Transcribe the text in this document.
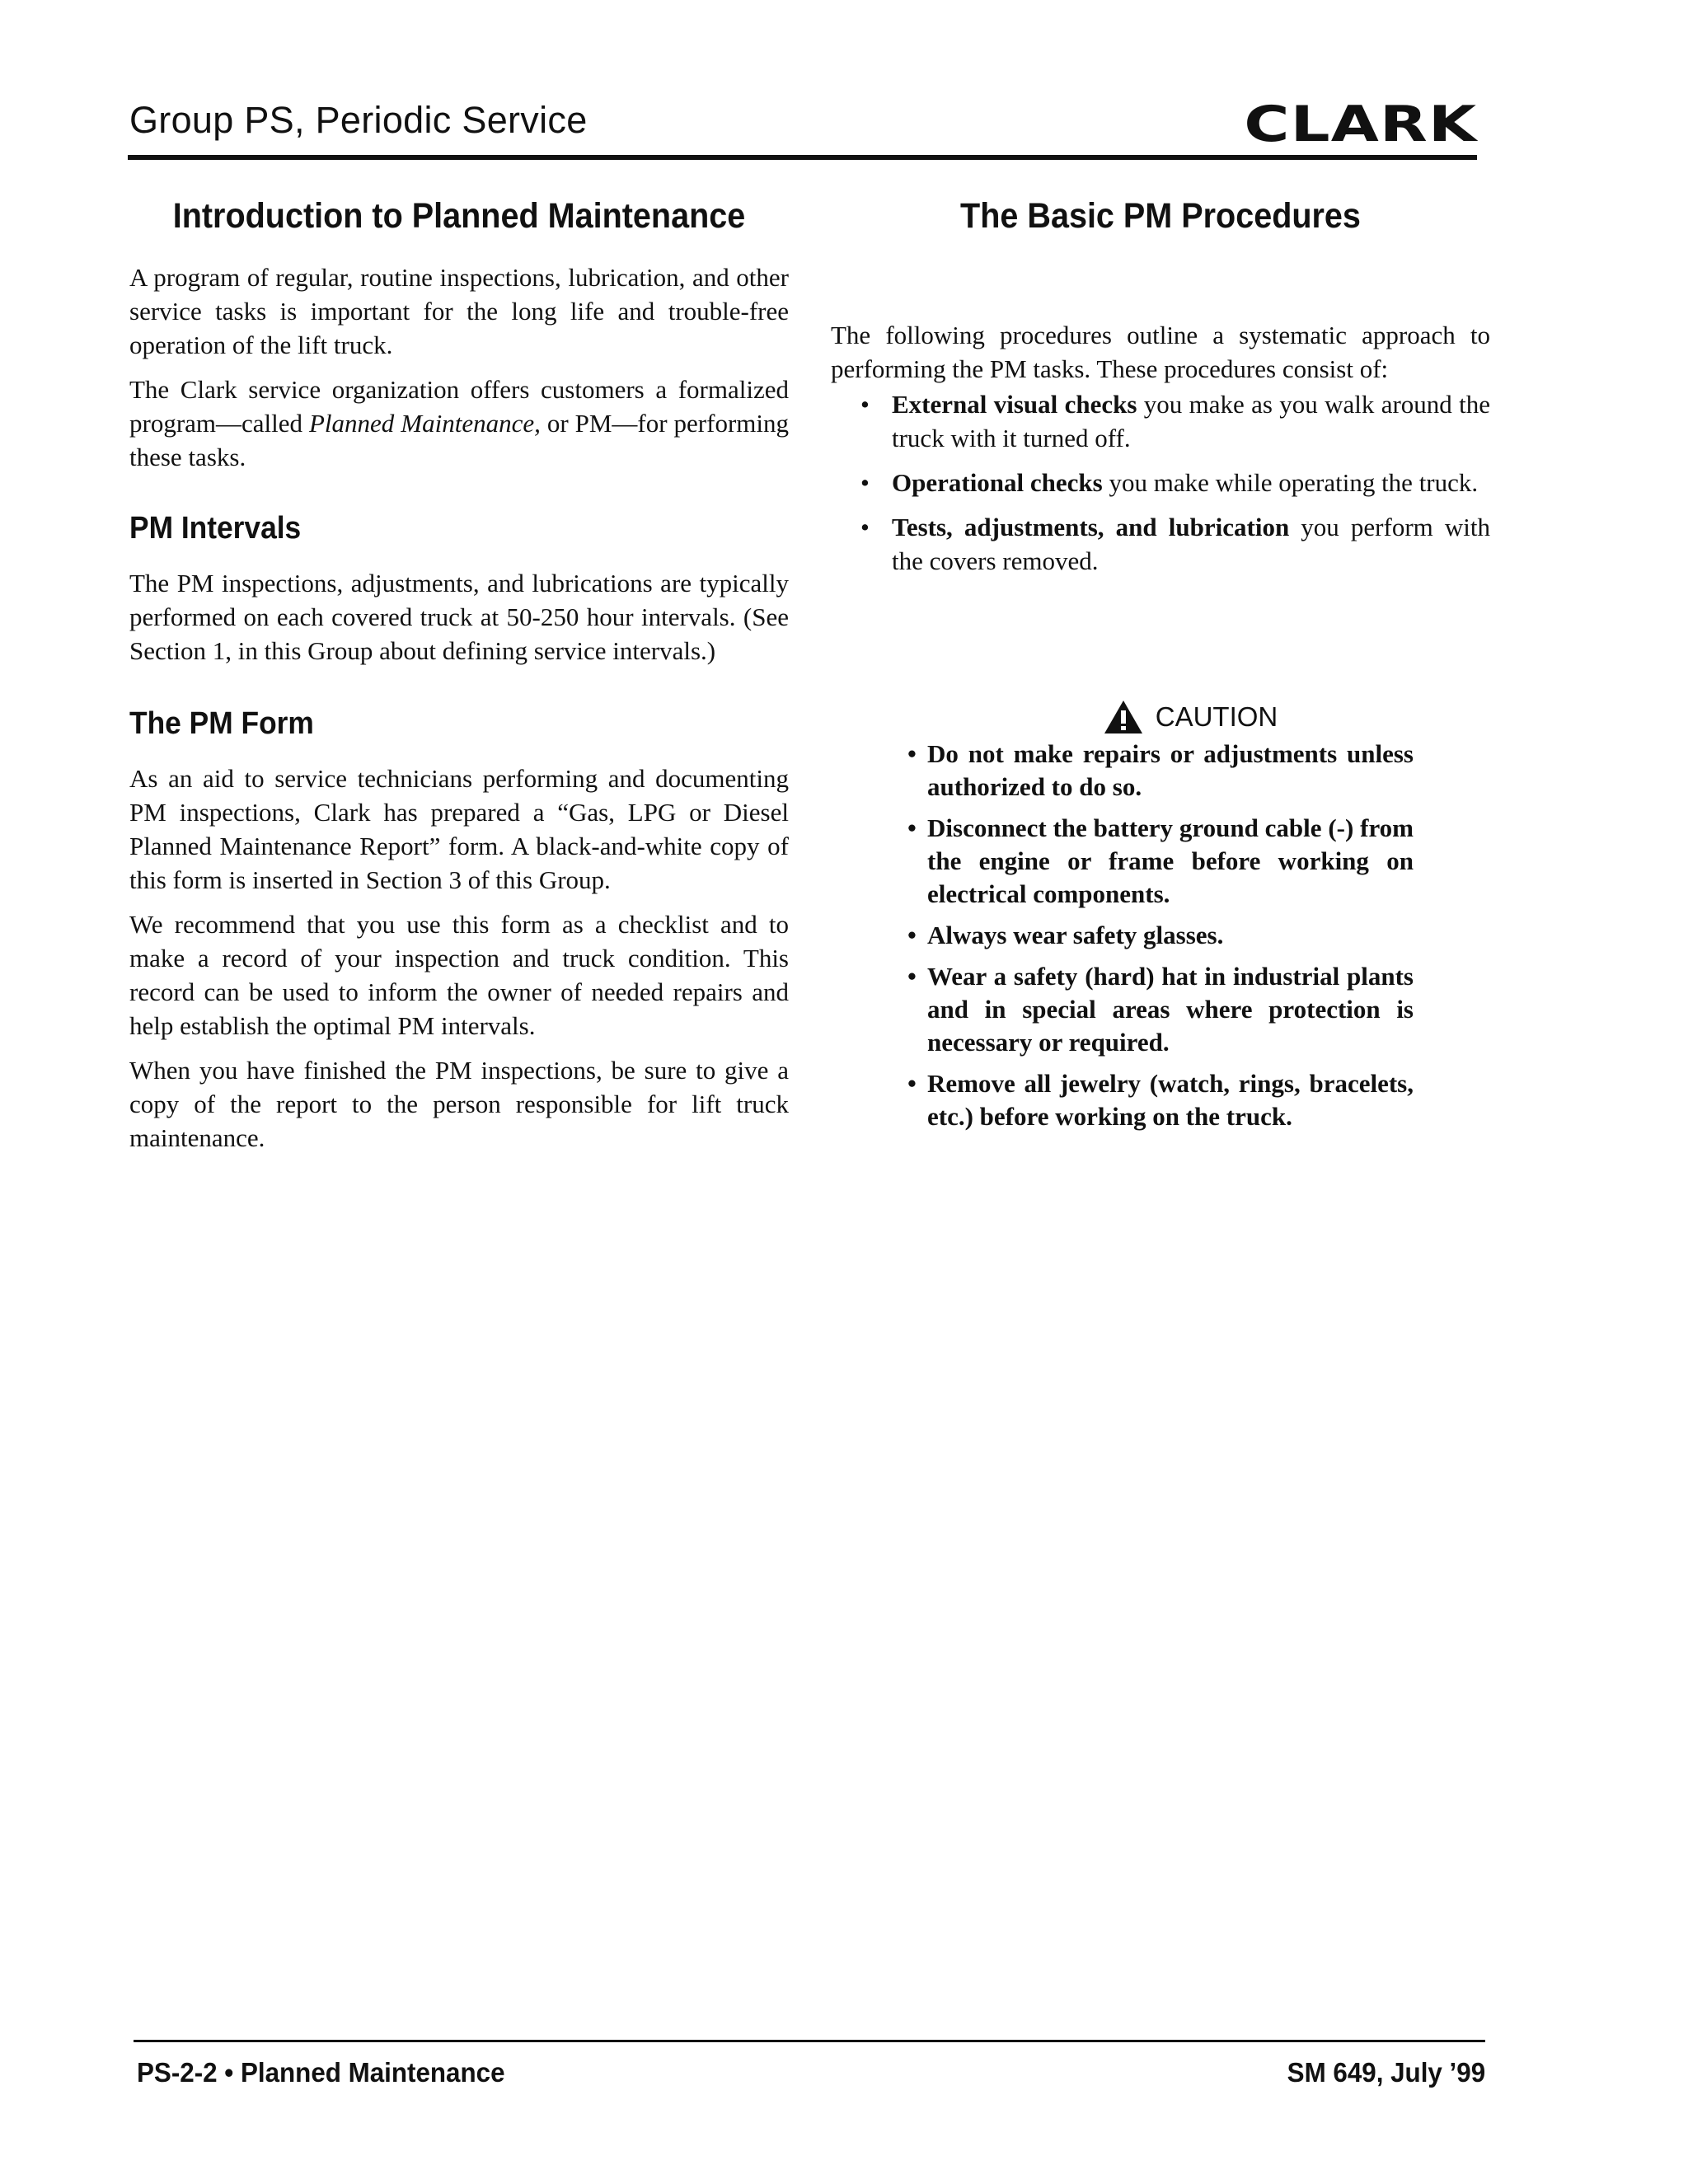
Group PS, Periodic Service	CLARK
Introduction to Planned Maintenance

A program of regular, routine inspections, lubrication, and other service tasks is important for the long life and trouble-free operation of the lift truck.

The Clark service organization offers customers a formalized program—called Planned Maintenance, or PM—for performing these tasks.

PM Intervals

The PM inspections, adjustments, and lubrications are typically performed on each covered truck at 50-250 hour intervals. (See Section 1, in this Group about defining service intervals.)

The PM Form

As an aid to service technicians performing and documenting PM inspections, Clark has prepared a “Gas, LPG or Diesel Planned Maintenance Report” form. A black-and-white copy of this form is inserted in Section 3 of this Group.

We recommend that you use this form as a checklist and to make a record of your inspection and truck condition. This record can be used to inform the owner of needed repairs and help establish the optimal PM intervals.

When you have finished the PM inspections, be sure to give a copy of the report to the person responsible for lift truck maintenance.

The Basic PM Procedures

The following procedures outline a systematic approach to performing the PM tasks. These procedures consist of:

• External visual checks you make as you walk around the truck with it turned off.
• Operational checks you make while operating the truck.
• Tests, adjustments, and lubrication you perform with the covers removed.
CAUTION
• Do not make repairs or adjustments unless authorized to do so.
• Disconnect the battery ground cable (-) from the engine or frame before working on electrical components.
• Always wear safety glasses.
• Wear a safety (hard) hat in industrial plants and in special areas where protection is necessary or required.
• Remove all jewelry (watch, rings, bracelets, etc.) before working on the truck.
PS-2-2 • Planned Maintenance	SM 649, July ’99
